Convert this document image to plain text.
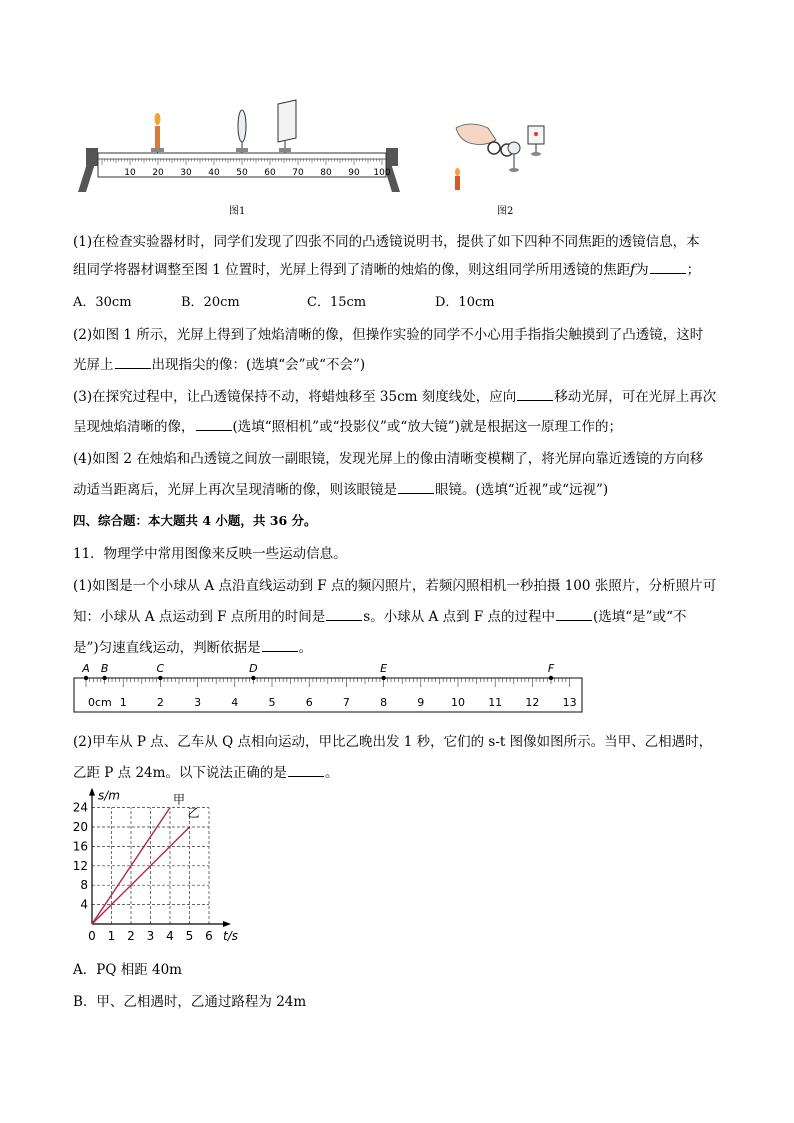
10 20 30 40 50 60 70 80 90 100
图1	图2
(1)在检查实验器材时，同学们发现了四张不同的凸透镜说明书，提供了如下四种不同焦距的透镜信息，本
组同学将器材调整至图 1 位置时，光屏上得到了清晰的烛焰的像，则这组同学所用透镜的焦距f为	；
A．30cm	B．20cm	C．15cm	D．10cm
(2)如图 1 所示，光屏上得到了烛焰清晰的像，但操作实验的同学不小心用手指指尖触摸到了凸透镜，这时
光屏上	出现指尖的像：(选填“会”或“不会”)
(3)在探究过程中，让凸透镜保持不动，将蜡烛移至 35cm 刻度线处，应向	移动光屏，可在光屏上再次
呈现烛焰清晰的像，	(选填“照相机”或“投影仪”或“放大镜”)就是根据这一原理工作的；
(4)如图 2 在烛焰和凸透镜之间放一副眼镜，发现光屏上的像由清晰变模糊了，将光屏向靠近透镜的方向移
动适当距离后，光屏上再次呈现清晰的像，则该眼镜是	眼镜。(选填“近视”或“远视”)
四、综合题：本大题共 4 小题，共 36 分。
11．物理学中常用图像来反映一些运动信息。
(1)如图是一个小球从 A 点沿直线运动到 F 点的频闪照片，若频闪照相机一秒拍摄 100 张照片，分析照片可
知：小球从 A 点运动到 F 点所用的时间是	s。小球从 A 点到 F 点的过程中	(选填“是”或“不
是”)匀速直线运动，判断依据是	。
A B	C	D	E	F
0cm 1	2	3	4	5	6	7	8	9 10 11 12 13
(2)甲车从 P 点、乙车从 Q 点相向运动，甲比乙晚出发 1 秒，它们的 s-t 图像如图所示。当甲、乙相遇时，
乙距 P 点 24m。以下说法正确的是	。
0 1 2 3 4 5 6
4
8
12
16
20
24
t/s
s/m	甲
乙
A．PQ 相距 40m
B．甲、乙相遇时，乙通过路程为 24m
